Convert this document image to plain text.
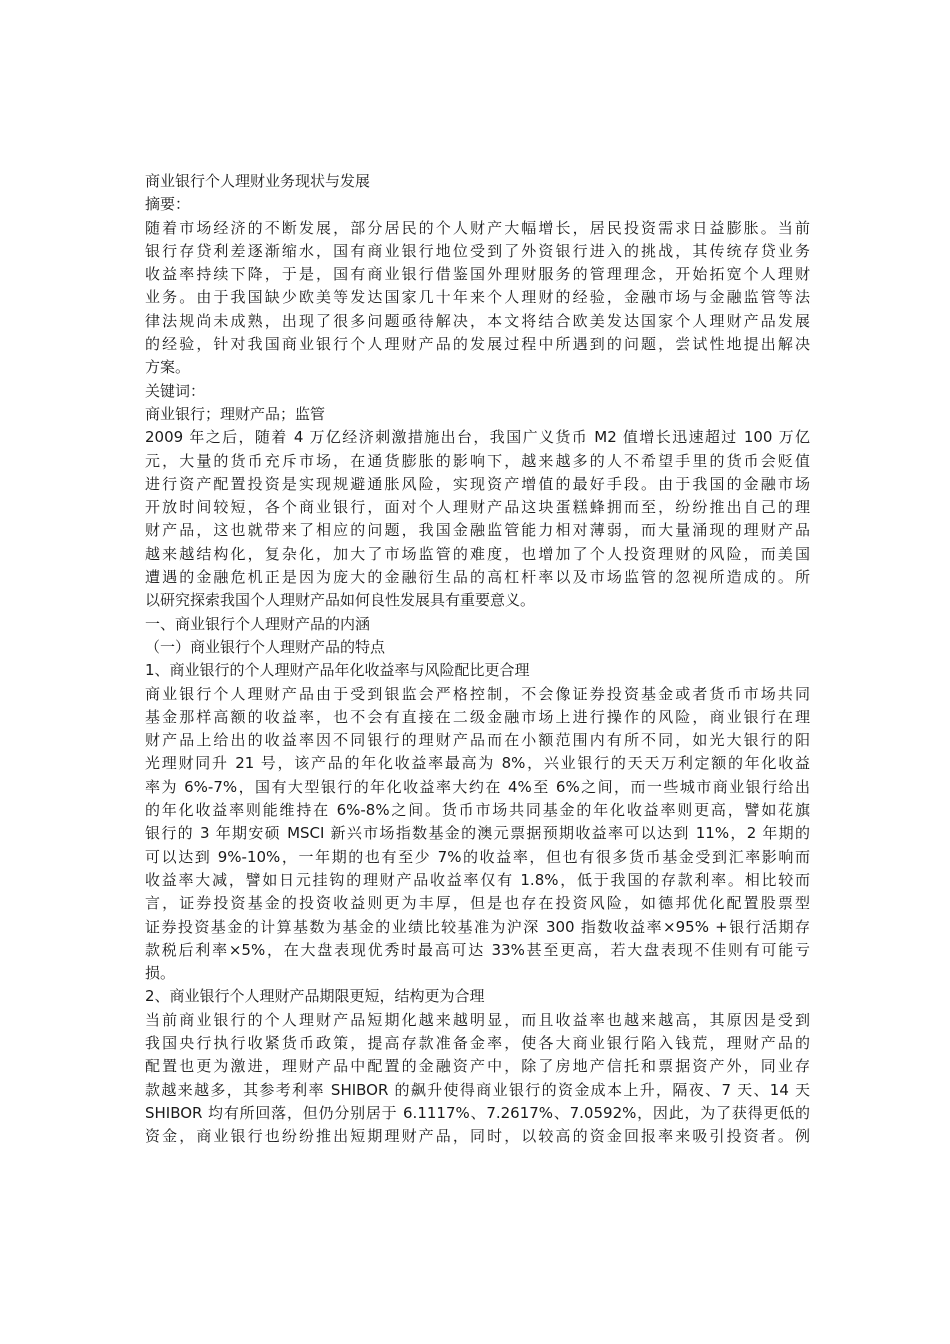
商业银行个人理财业务现状与发展

摘要：

随着市场经济的不断发展，部分居民的个人财产大幅增长，居民投资需求日益膨胀。当前

银行存贷利差逐渐缩水，国有商业银行地位受到了外资银行进入的挑战，其传统存贷业务

收益率持续下降，于是，国有商业银行借鉴国外理财服务的管理理念，开始拓宽个人理财

业务。由于我国缺少欧美等发达国家几十年来个人理财的经验，金融市场与金融监管等法

律法规尚未成熟，出现了很多问题亟待解决，本文将结合欧美发达国家个人理财产品发展

的经验，针对我国商业银行个人理财产品的发展过程中所遇到的问题，尝试性地提出解决

方案。

关键词：

商业银行；理财产品；监管

2009 年之后，随着 4 万亿经济刺激措施出台，我国广义货币 M2 值增长迅速超过 100 万亿

元，大量的货币充斥市场，在通货膨胀的影响下，越来越多的人不希望手里的货币会贬值

进行资产配置投资是实现规避通胀风险，实现资产增值的最好手段。由于我国的金融市场

开放时间较短，各个商业银行，面对个人理财产品这块蛋糕蜂拥而至，纷纷推出自己的理

财产品，这也就带来了相应的问题，我国金融监管能力相对薄弱，而大量涌现的理财产品

越来越结构化，复杂化，加大了市场监管的难度，也增加了个人投资理财的风险，而美国

遭遇的金融危机正是因为庞大的金融衍生品的高杠杆率以及市场监管的忽视所造成的。所

以研究探索我国个人理财产品如何良性发展具有重要意义。

一、商业银行个人理财产品的内涵

（一）商业银行个人理财产品的特点

1、商业银行的个人理财产品年化收益率与风险配比更合理

商业银行个人理财产品由于受到银监会严格控制，不会像证券投资基金或者货币市场共同

基金那样高额的收益率，也不会有直接在二级金融市场上进行操作的风险，商业银行在理

财产品上给出的收益率因不同银行的理财产品而在小额范围内有所不同，如光大银行的阳

光理财同升 21 号，该产品的年化收益率最高为 8%，兴业银行的天天万利定额的年化收益

率为 6%-7%，国有大型银行的年化收益率大约在 4%至 6%之间，而一些城市商业银行给出

的年化收益率则能维持在 6%-8%之间。货币市场共同基金的年化收益率则更高，譬如花旗

银行的 3 年期安硕 MSCI 新兴市场指数基金的澳元票据预期收益率可以达到 11%，2 年期的

可以达到 9%-10%，一年期的也有至少 7%的收益率，但也有很多货币基金受到汇率影响而

收益率大减，譬如日元挂钩的理财产品收益率仅有 1.8%，低于我国的存款利率。相比较而

言，证券投资基金的投资收益则更为丰厚，但是也存在投资风险，如德邦优化配置股票型

证券投资基金的计算基数为基金的业绩比较基准为沪深 300 指数收益率×95% +银行活期存

款税后利率×5%，在大盘表现优秀时最高可达 33%甚至更高，若大盘表现不佳则有可能亏

损。

2、商业银行个人理财产品期限更短，结构更为合理

当前商业银行的个人理财产品短期化越来越明显，而且收益率也越来越高，其原因是受到

我国央行执行收紧货币政策，提高存款准备金率，使各大商业银行陷入钱荒，理财产品的

配置也更为激进，理财产品中配置的金融资产中，除了房地产信托和票据资产外，同业存

款越来越多，其参考利率 SHIBOR 的飙升使得商业银行的资金成本上升，隔夜、7 天、14 天

SHIBOR 均有所回落，但仍分别居于 6.1117%、7.2617%、7.0592%，因此，为了获得更低的

资金，商业银行也纷纷推出短期理财产品，同时，以较高的资金回报率来吸引投资者。例
